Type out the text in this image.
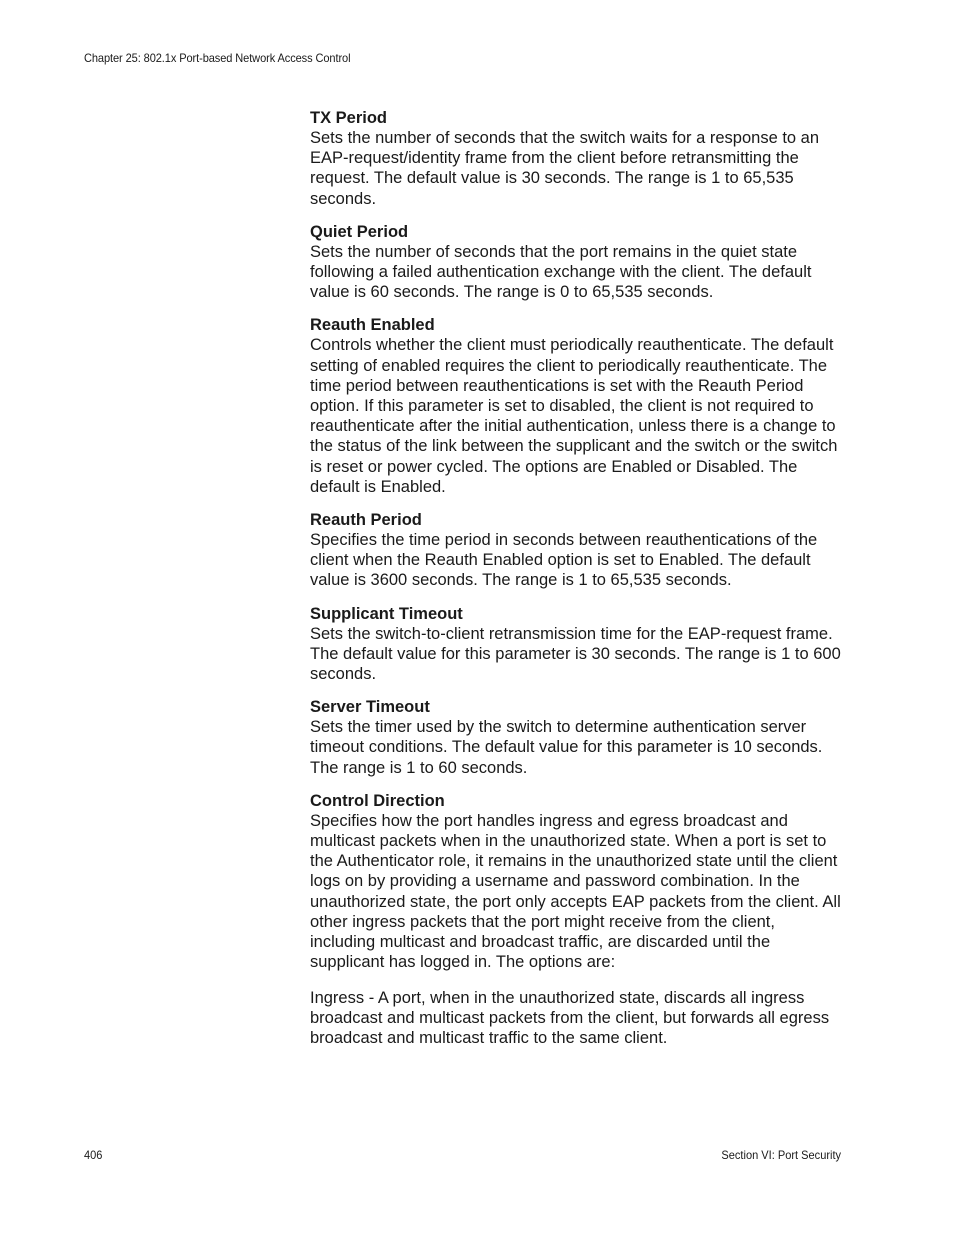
Chapter 25: 802.1x Port-based Network Access Control

TX Period

Sets the number of seconds that the switch waits for a response to an EAP-request/identity frame from the client before retransmitting the request. The default value is 30 seconds. The range is 1 to 65,535 seconds.

Quiet Period

Sets the number of seconds that the port remains in the quiet state following a failed authentication exchange with the client. The default value is 60 seconds. The range is 0 to 65,535 seconds.

Reauth Enabled

Controls whether the client must periodically reauthenticate. The default setting of enabled requires the client to periodically reauthenticate. The time period between reauthentications is set with the Reauth Period option. If this parameter is set to disabled, the client is not required to reauthenticate after the initial authentication, unless there is a change to the status of the link between the supplicant and the switch or the switch is reset or power cycled. The options are Enabled or Disabled. The default is Enabled.

Reauth Period

Specifies the time period in seconds between reauthentications of the client when the Reauth Enabled option is set to Enabled. The default value is 3600 seconds. The range is 1 to 65,535 seconds.

Supplicant Timeout

Sets the switch-to-client retransmission time for the EAP-request frame. The default value for this parameter is 30 seconds. The range is 1 to 600 seconds.

Server Timeout

Sets the timer used by the switch to determine authentication server timeout conditions. The default value for this parameter is 10 seconds. The range is 1 to 60 seconds.

Control Direction

Specifies how the port handles ingress and egress broadcast and multicast packets when in the unauthorized state. When a port is set to the Authenticator role, it remains in the unauthorized state until the client logs on by providing a username and password combination. In the unauthorized state, the port only accepts EAP packets from the client. All other ingress packets that the port might receive from the client, including multicast and broadcast traffic, are discarded until the supplicant has logged in. The options are:

Ingress - A port, when in the unauthorized state, discards all ingress broadcast and multicast packets from the client, but forwards all egress broadcast and multicast traffic to the same client.

406	Section VI: Port Security
